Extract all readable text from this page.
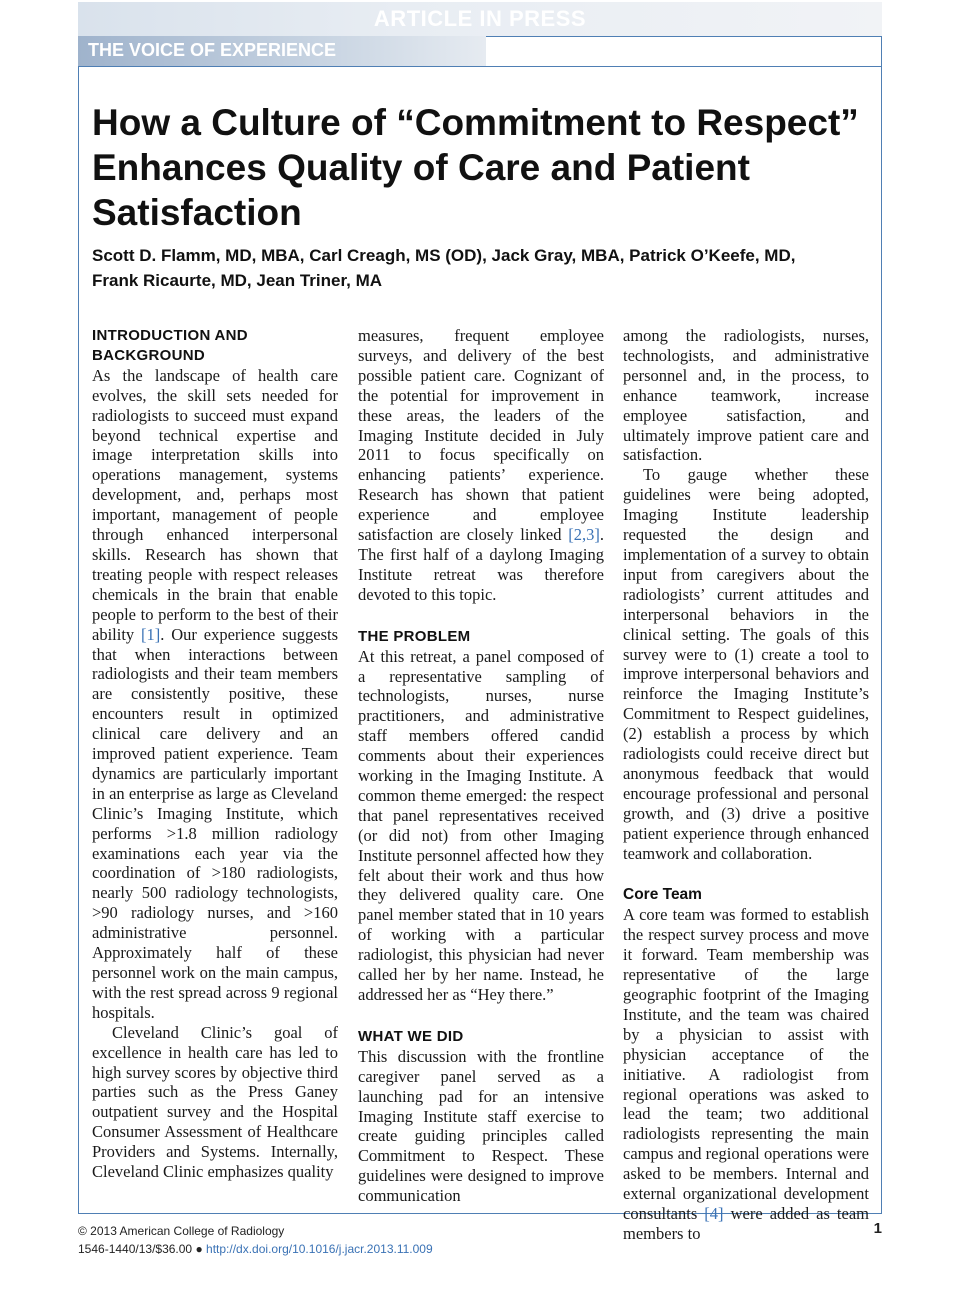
ARTICLE IN PRESS
THE VOICE OF EXPERIENCE
How a Culture of “Commitment to Respect” Enhances Quality of Care and Patient Satisfaction
Scott D. Flamm, MD, MBA, Carl Creagh, MS (OD), Jack Gray, MBA, Patrick O’Keefe, MD,
Frank Ricaurte, MD, Jean Triner, MA
INTRODUCTION AND
BACKGROUND

As the landscape of health care evolves, the skill sets needed for radiologists to succeed must expand beyond technical expertise and image interpretation skills into operations management, systems development, and, perhaps most important, management of people through enhanced interpersonal skills. Research has shown that treating people with respect releases chemicals in the brain that enable people to perform to the best of their ability [1]. Our experience suggests that when interactions between radiologists and their team members are consistently positive, these encounters result in optimized clinical care delivery and an improved patient experience. Team dynamics are particularly important in an enterprise as large as Cleveland Clinic’s Imaging Institute, which performs >1.8 million radiology examinations each year via the coordination of >180 radiologists, nearly 500 radiology technologists, >90 radiology nurses, and >160 administrative personnel. Approximately half of these personnel work on the main campus, with the rest spread across 9 regional hospitals.

Cleveland Clinic’s goal of excellence in health care has led to high survey scores by objective third parties such as the Press Ganey outpatient survey and the Hospital Consumer Assessment of Healthcare Providers and Systems. Internally, Cleveland Clinic emphasizes quality

measures, frequent employee surveys, and delivery of the best possible patient care. Cognizant of the potential for improvement in these areas, the leaders of the Imaging Institute decided in July 2011 to focus specifically on enhancing patients’ experience. Research has shown that patient experience and employee satisfaction are closely linked [2,3]. The first half of a daylong Imaging Institute retreat was therefore devoted to this topic.

THE PROBLEM

At this retreat, a panel composed of a representative sampling of technologists, nurses, nurse practitioners, and administrative staff members offered candid comments about their experiences working in the Imaging Institute. A common theme emerged: the respect that panel representatives received (or did not) from other Imaging Institute personnel affected how they felt about their work and thus how they delivered quality care. One panel member stated that in 10 years of working with a particular radiologist, this physician had never called her by her name. Instead, he addressed her as “Hey there.”

WHAT WE DID

This discussion with the frontline caregiver panel served as a launching pad for an intensive Imaging Institute staff exercise to create guiding principles called Commitment to Respect. These guidelines were designed to improve communication

among the radiologists, nurses, technologists, and administrative personnel and, in the process, to enhance teamwork, increase employee satisfaction, and ultimately improve patient care and satisfaction.

To gauge whether these guidelines were being adopted, Imaging Institute leadership requested the design and implementation of a survey to obtain input from caregivers about the radiologists’ current attitudes and interpersonal behaviors in the clinical setting. The goals of this survey were to (1) create a tool to improve interpersonal behaviors and reinforce the Imaging Institute’s Commitment to Respect guidelines, (2) establish a process by which radiologists could receive direct but anonymous feedback that would encourage professional and personal growth, and (3) drive a positive patient experience through enhanced teamwork and collaboration.

Core Team

A core team was formed to establish the respect survey process and move it forward. Team membership was representative of the large geographic footprint of the Imaging Institute, and the team was chaired by a physician to assist with physician acceptance of the initiative. A radiologist from regional operations was asked to lead the team; two additional radiologists representing the main campus and regional operations were asked to be members. Internal and external organizational development consultants [4] were added as team members to

© 2013 American College of Radiology
1546-1440/13/$36.00 ● http://dx.doi.org/10.1016/j.jacr.2013.11.009
1
